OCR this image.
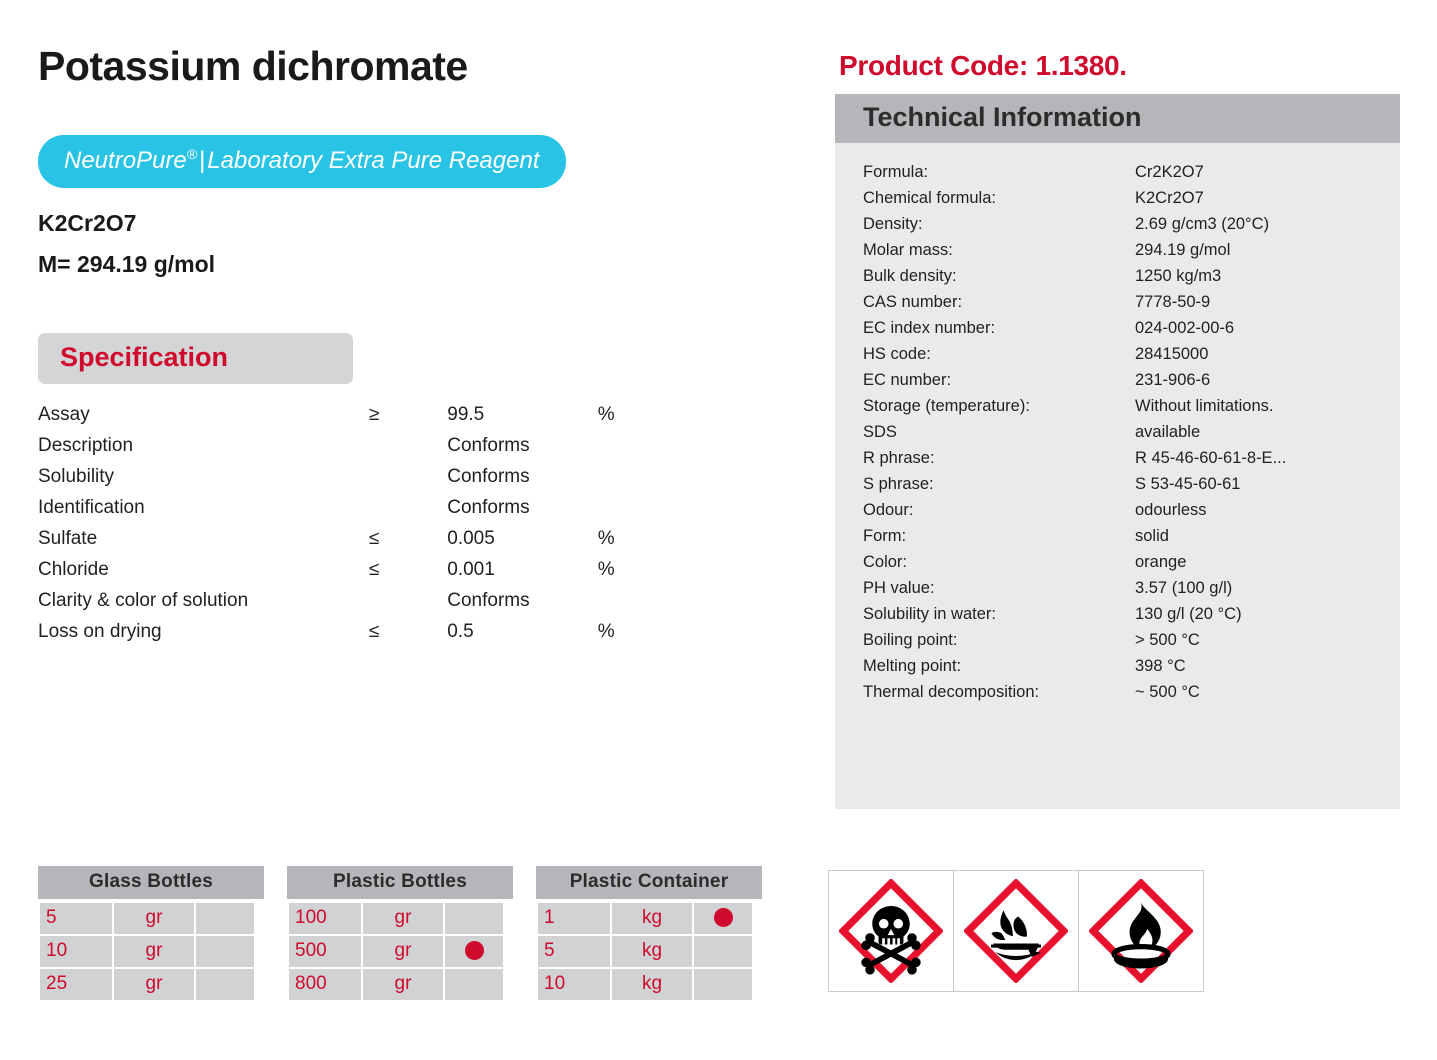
Potassium dichromate
NeutroPure®|Laboratory Extra Pure Reagent
K2Cr2O7
M= 294.19 g/mol
Specification
Assay	≥	99.5	%
Description		Conforms	
Solubility		Conforms	
Identification		Conforms	
Sulfate	≤	0.005	%
Chloride	≤	0.001	%
Clarity & color of solution		Conforms	
Loss on drying	≤	0.5	%
Glass Bottles
5	gr	
10	gr	
25	gr	
Plastic Bottles
100	gr	
500	gr	
800	gr	
Plastic Container
1	kg	
5	kg	
10	kg	
Product Code: 1.1380.
Technical Information
Formula:	Cr2K2O7
Chemical formula:	K2Cr2O7
Density:	2.69 g/cm3 (20°C)
Molar mass:	294.19 g/mol
Bulk density:	1250 kg/m3
CAS number:	7778-50-9
EC index number:	024-002-00-6
HS code:	28415000
EC number:	231-906-6
Storage (temperature):	Without limitations.
SDS	available
R phrase:	R 45-46-60-61-8-E...
S phrase:	S 53-45-60-61
Odour:	odourless
Form:	solid
Color:	orange
PH value:	3.57 (100 g/l)
Solubility in water:	130 g/l (20 °C)
Boiling point:	> 500 °C
Melting point:	398 °C
Thermal decomposition:	~ 500 °C
